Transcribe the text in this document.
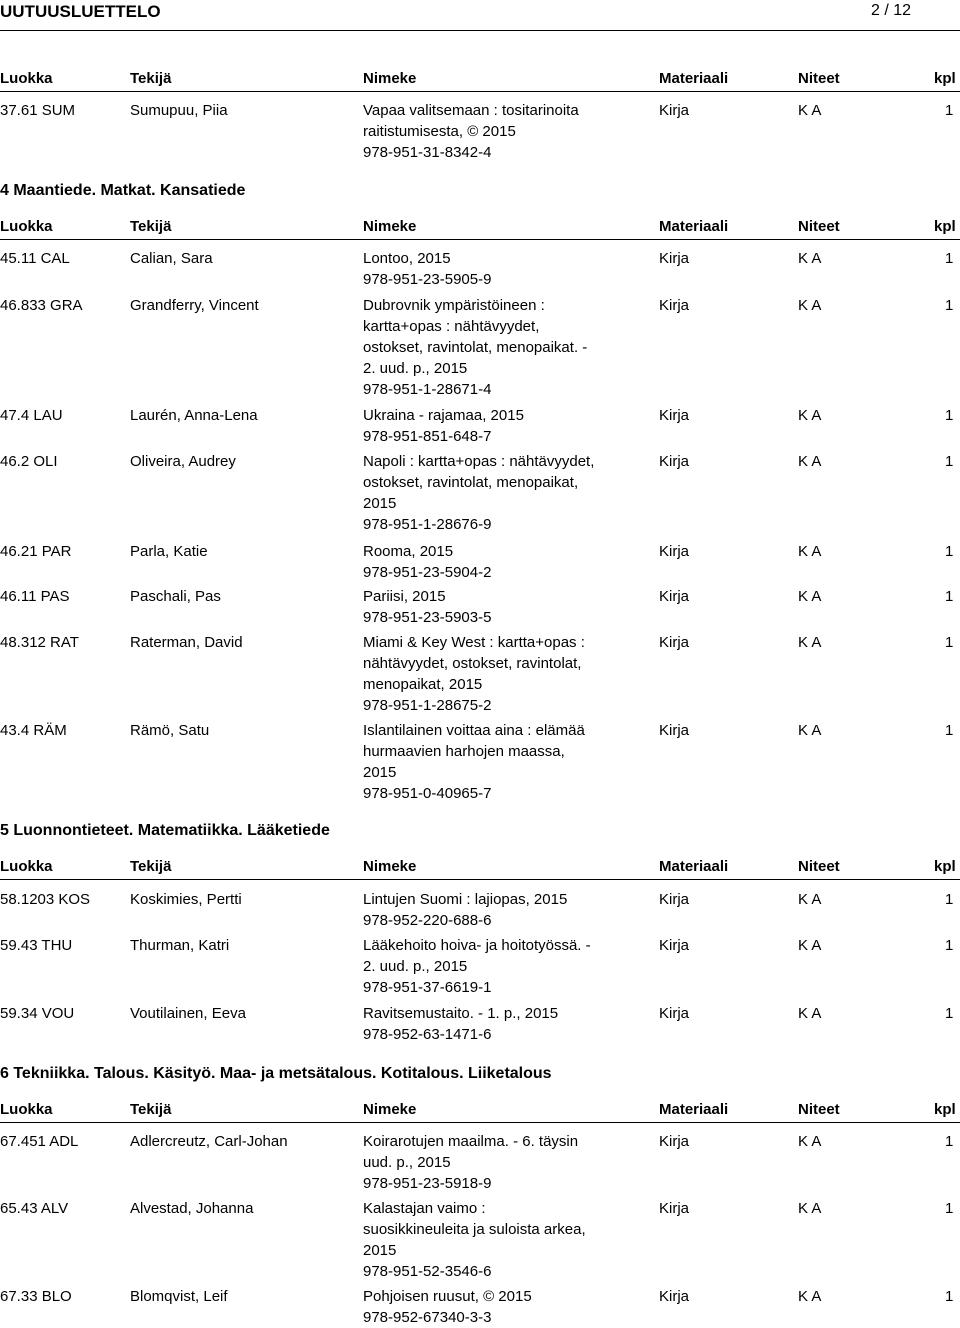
UUTUUSLUETTELO	2 / 12
Luokka	Tekijä	Nimeke	Materiaali	Niteet	kpl
37.61 SUM	Sumupuu, Piia	Vapaa valitsemaan : tositarinoita
raitistumisesta, © 2015
978-951-31-8342-4
Kirja	K A	1
4 Maantiede. Matkat. Kansatiede
Luokka	Tekijä	Nimeke	Materiaali	Niteet	kpl
45.11 CAL	Calian, Sara	Lontoo, 2015
978-951-23-5905-9
Kirja	K A	1
46.833 GRA	Grandferry, Vincent	Dubrovnik ympäristöineen :
kartta+opas : nähtävyydet,
ostokset, ravintolat, menopaikat. -
2. uud. p., 2015
978-951-1-28671-4
Kirja	K A	1
47.4 LAU	Laurén, Anna-Lena	Ukraina - rajamaa, 2015
978-951-851-648-7
Kirja	K A	1
46.2 OLI	Oliveira, Audrey	Napoli : kartta+opas : nähtävyydet,
ostokset, ravintolat, menopaikat,
2015
978-951-1-28676-9
Kirja	K A	1
46.21 PAR	Parla, Katie	Rooma, 2015
978-951-23-5904-2
Kirja	K A	1
46.11 PAS	Paschali, Pas	Pariisi, 2015
978-951-23-5903-5
Kirja	K A	1
48.312 RAT	Raterman, David	Miami & Key West : kartta+opas :
nähtävyydet, ostokset, ravintolat,
menopaikat, 2015
978-951-1-28675-2
Kirja	K A	1
43.4 RÄM	Rämö, Satu	Islantilainen voittaa aina : elämää
hurmaavien harhojen maassa,
2015
978-951-0-40965-7
Kirja	K A	1
5 Luonnontieteet. Matematiikka. Lääketiede
Luokka	Tekijä	Nimeke	Materiaali	Niteet	kpl
58.1203 KOS	Koskimies, Pertti	Lintujen Suomi : lajiopas, 2015
978-952-220-688-6
Kirja	K A	1
59.43 THU	Thurman, Katri	Lääkehoito hoiva- ja hoitotyössä. -
2. uud. p., 2015
978-951-37-6619-1
Kirja	K A	1
59.34 VOU	Voutilainen, Eeva	Ravitsemustaito. - 1. p., 2015
978-952-63-1471-6
Kirja	K A	1
6 Tekniikka. Talous. Käsityö. Maa- ja metsätalous. Kotitalous. Liiketalous
Luokka	Tekijä	Nimeke	Materiaali	Niteet	kpl
67.451 ADL	Adlercreutz, Carl-Johan	Koirarotujen maailma. - 6. täysin
uud. p., 2015
978-951-23-5918-9
Kirja	K A	1
65.43 ALV	Alvestad, Johanna	Kalastajan vaimo :
suosikkineuleita ja suloista arkea,
2015
978-951-52-3546-6
Kirja	K A	1
67.33 BLO	Blomqvist, Leif	Pohjoisen ruusut, © 2015
978-952-67340-3-3
Kirja	K A	1
